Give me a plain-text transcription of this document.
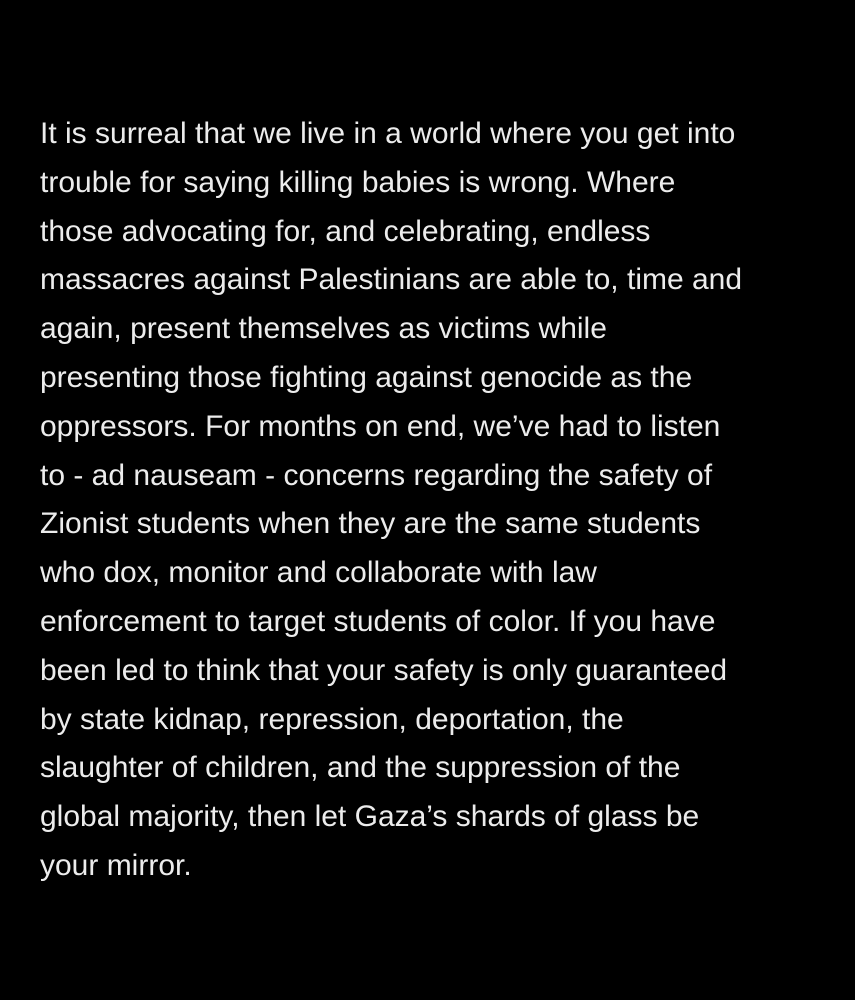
It is surreal that we live in a world where you get into
trouble for saying killing babies is wrong. Where
those advocating for, and celebrating, endless
massacres against Palestinians are able to, time and
again, present themselves as victims while
presenting those fighting against genocide as the
oppressors. For months on end, we’ve had to listen
to - ad nauseam - concerns regarding the safety of
Zionist students when they are the same students
who dox, monitor and collaborate with law
enforcement to target students of color. If you have
been led to think that your safety is only guaranteed
by state kidnap, repression, deportation, the
slaughter of children, and the suppression of the
global majority, then let Gaza’s shards of glass be
your mirror.
